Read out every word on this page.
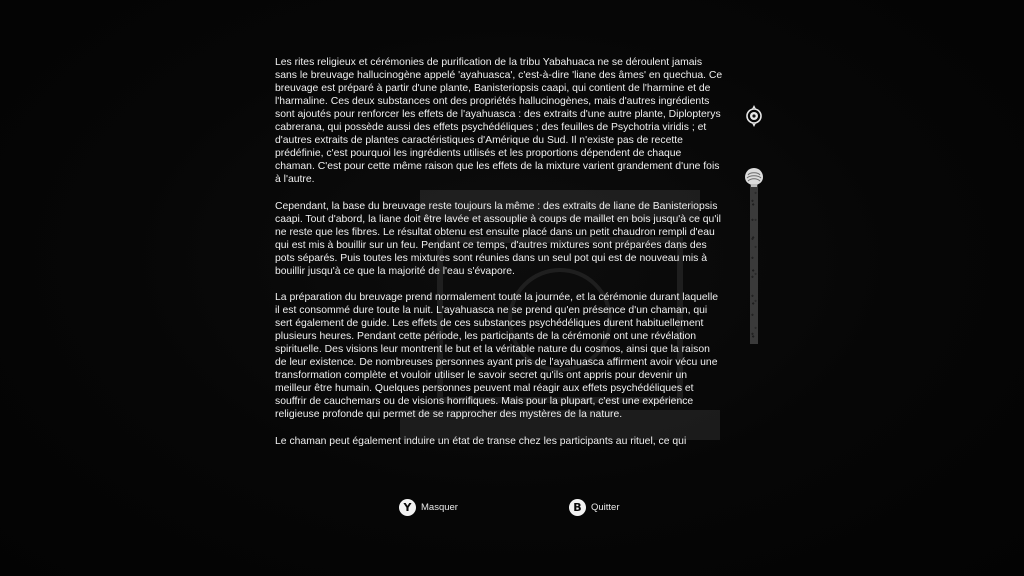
Les rites religieux et cérémonies de purification de la tribu Yabahuaca ne se déroulent jamais sans le breuvage hallucinogène appelé 'ayahuasca', c'est-à-dire 'liane des âmes' en quechua. Ce breuvage est préparé à partir d'une plante, Banisteriopsis caapi, qui contient de l'harmine et de l'harmaline. Ces deux substances ont des propriétés hallucinogènes, mais d'autres ingrédients sont ajoutés pour renforcer les effets de l'ayahuasca : des extraits d'une autre plante, Diplopterys cabrerana, qui possède aussi des effets psychédéliques ; des feuilles de Psychotria viridis ; et d'autres extraits de plantes caractéristiques d'Amérique du Sud. Il n'existe pas de recette prédéfinie, c'est pourquoi les ingrédients utilisés et les proportions dépendent de chaque chaman. C'est pour cette même raison que les effets de la mixture varient grandement d'une fois à l'autre.

Cependant, la base du breuvage reste toujours la même : des extraits de liane de Banisteriopsis caapi. Tout d'abord, la liane doit être lavée et assouplie à coups de maillet en bois jusqu'à ce qu'il ne reste que les fibres. Le résultat obtenu est ensuite placé dans un petit chaudron rempli d'eau qui est mis à bouillir sur un feu. Pendant ce temps, d'autres mixtures sont préparées dans des pots séparés. Puis toutes les mixtures sont réunies dans un seul pot qui est de nouveau mis à bouillir jusqu'à ce que la majorité de l'eau s'évapore.

La préparation du breuvage prend normalement toute la journée, et la cérémonie durant laquelle il est consommé dure toute la nuit. L'ayahuasca ne se prend qu'en présence d'un chaman, qui sert également de guide. Les effets de ces substances psychédéliques durent habituellement plusieurs heures. Pendant cette période, les participants de la cérémonie ont une révélation spirituelle. Des visions leur montrent le but et la véritable nature du cosmos, ainsi que la raison de leur existence. De nombreuses personnes ayant pris de l'ayahuasca affirment avoir vécu une transformation complète et vouloir utiliser le savoir secret qu'ils ont appris pour devenir un meilleur être humain. Quelques personnes peuvent mal réagir aux effets psychédéliques et souffrir de cauchemars ou de visions horrifiques. Mais pour la plupart, c'est une expérience religieuse profonde qui permet de se rapprocher des mystères de la nature.

Le chaman peut également induire un état de transe chez les participants au rituel, ce qui

Y	Masquer	B Quitter
